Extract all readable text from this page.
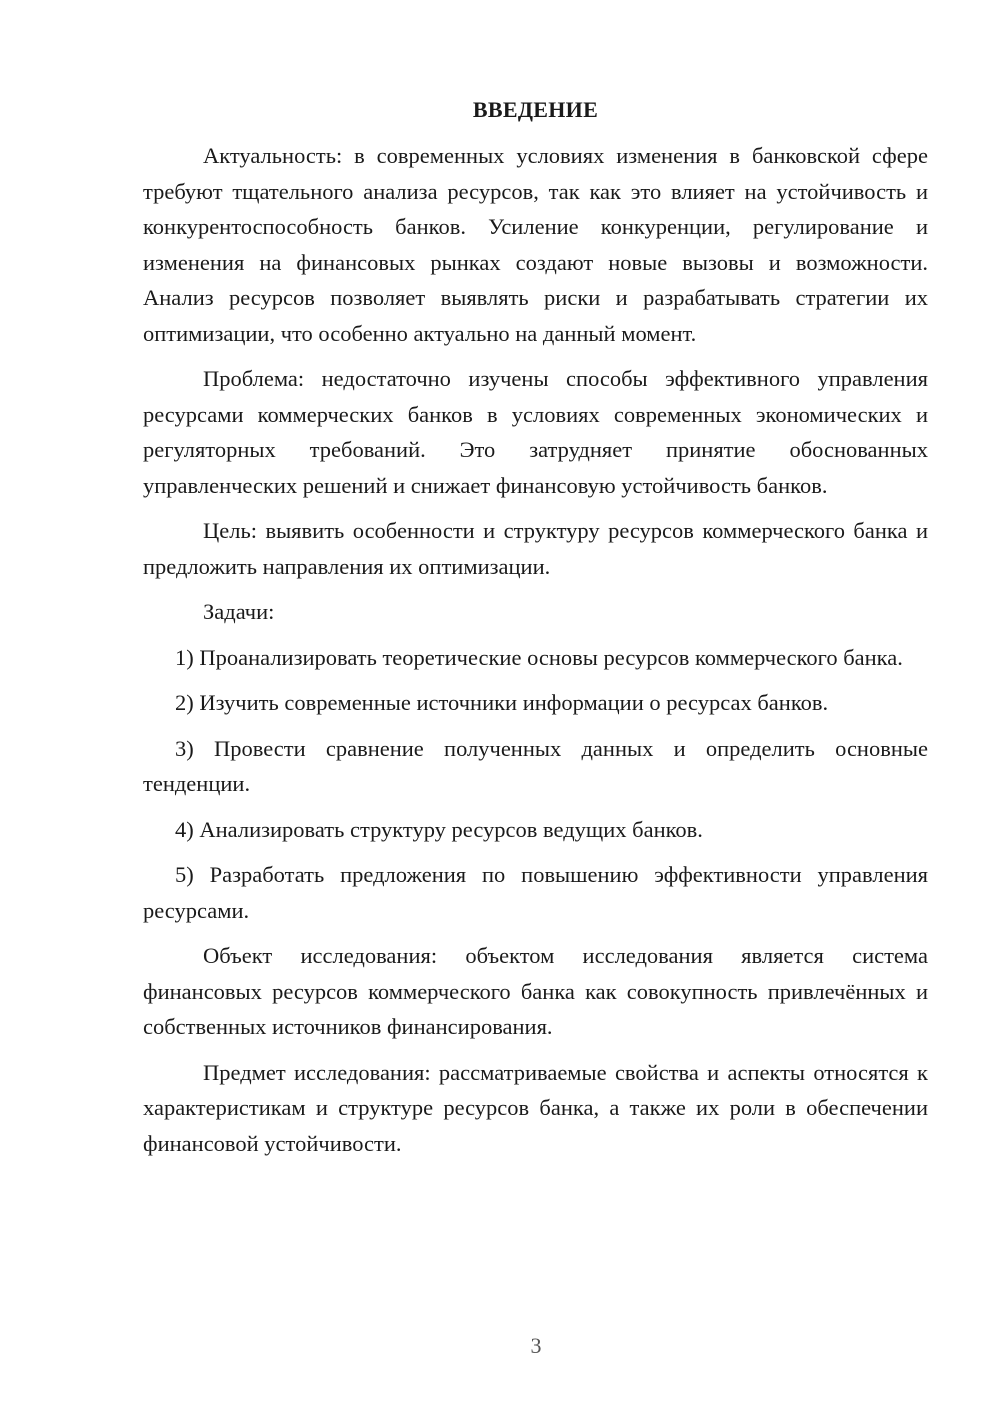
ВВЕДЕНИЕ

Актуальность: в современных условиях изменения в банковской сфере требуют тщательного анализа ресурсов, так как это влияет на устойчивость и конкурентоспособность банков. Усиление конкуренции, регулирование и изменения на финансовых рынках создают новые вызовы и возможности. Анализ ресурсов позволяет выявлять риски и разрабатывать стратегии их оптимизации, что особенно актуально на данный момент.

Проблема: недостаточно изучены способы эффективного управления ресурсами коммерческих банков в условиях современных экономических и регуляторных требований. Это затрудняет принятие обоснованных управленческих решений и снижает финансовую устойчивость банков.

Цель: выявить особенности и структуру ресурсов коммерческого банка и предложить направления их оптимизации.

Задачи:

1) Проанализировать теоретические основы ресурсов коммерческого банка.

2) Изучить современные источники информации о ресурсах банков.

3) Провести сравнение полученных данных и определить основные тенденции.

4) Анализировать структуру ресурсов ведущих банков.

5) Разработать предложения по повышению эффективности управления ресурсами.

Объект исследования: объектом исследования является система финансовых ресурсов коммерческого банка как совокупность привлечённых и собственных источников финансирования.

Предмет исследования: рассматриваемые свойства и аспекты относятся к характеристикам и структуре ресурсов банка, а также их роли в обеспечении финансовой устойчивости.

3
